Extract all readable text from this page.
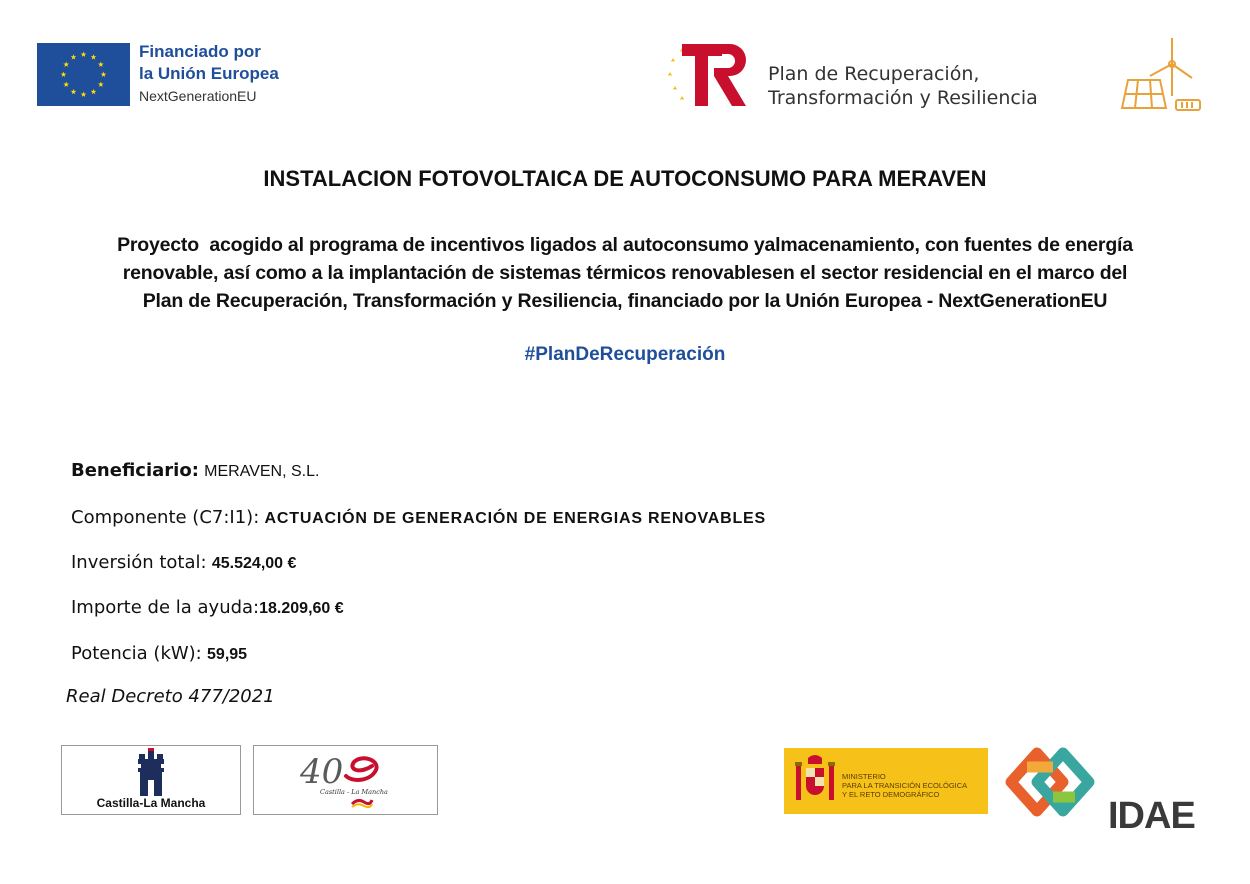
Financiado por
la Unión Europea
NextGenerationEU
Plan de Recuperación,
Transformación y Resiliencia
INSTALACION FOTOVOLTAICA DE AUTOCONSUMO PARA MERAVEN
Proyecto  acogido al programa de incentivos ligados al autoconsumo yalmacenamiento, con fuentes de energía
renovable, así como a la implantación de sistemas térmicos renovablesen el sector residencial en el marco del
Plan de Recuperación, Transformación y Resiliencia, financiado por la Unión Europea - NextGenerationEU
#PlanDeRecuperación
Beneficiario: MERAVEN, S.L.
Componente (C7:I1): ACTUACIÓN DE GENERACIÓN DE ENERGIAS RENOVABLES
Inversión total: 45.524,00 €
Importe de la ayuda:18.209,60 €
Potencia (kW): 59,95
Real Decreto 477/2021
Castilla-La Mancha
40
Castilla - La Mancha
MINISTERIO
PARA LA TRANSICIÓN ECOLÓGICA
Y EL RETO DEMOGRÁFICO
IDAE
